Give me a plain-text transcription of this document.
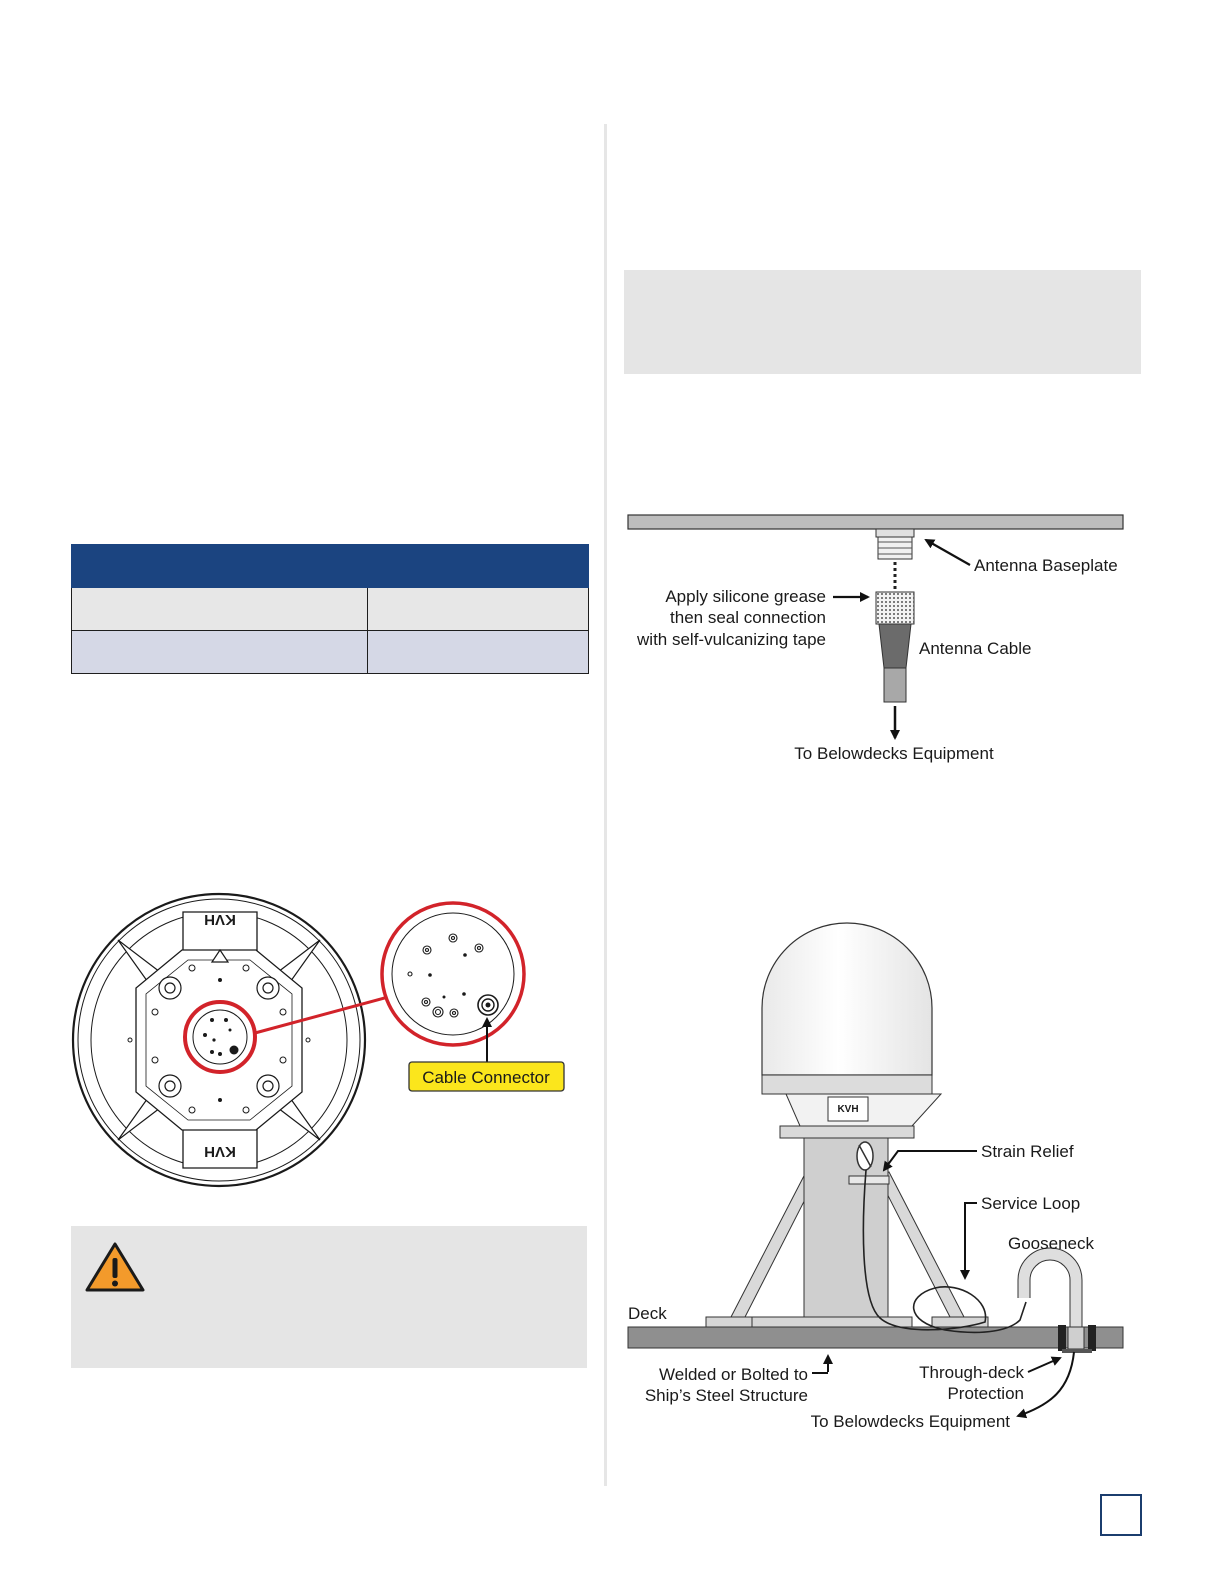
Antenna Baseplate
Apply silicone grease
then seal connection
with self-vulcanizing tape	Antenna Cable
To Belowdecks Equipment
KVH
KVH
Cable Connector
KVH
Strain Relief
Service Loop
Gooseneck
Deck
Welded or Bolted to
Ship’s Steel Structure
Through-deck
Protection
To Belowdecks Equipment
